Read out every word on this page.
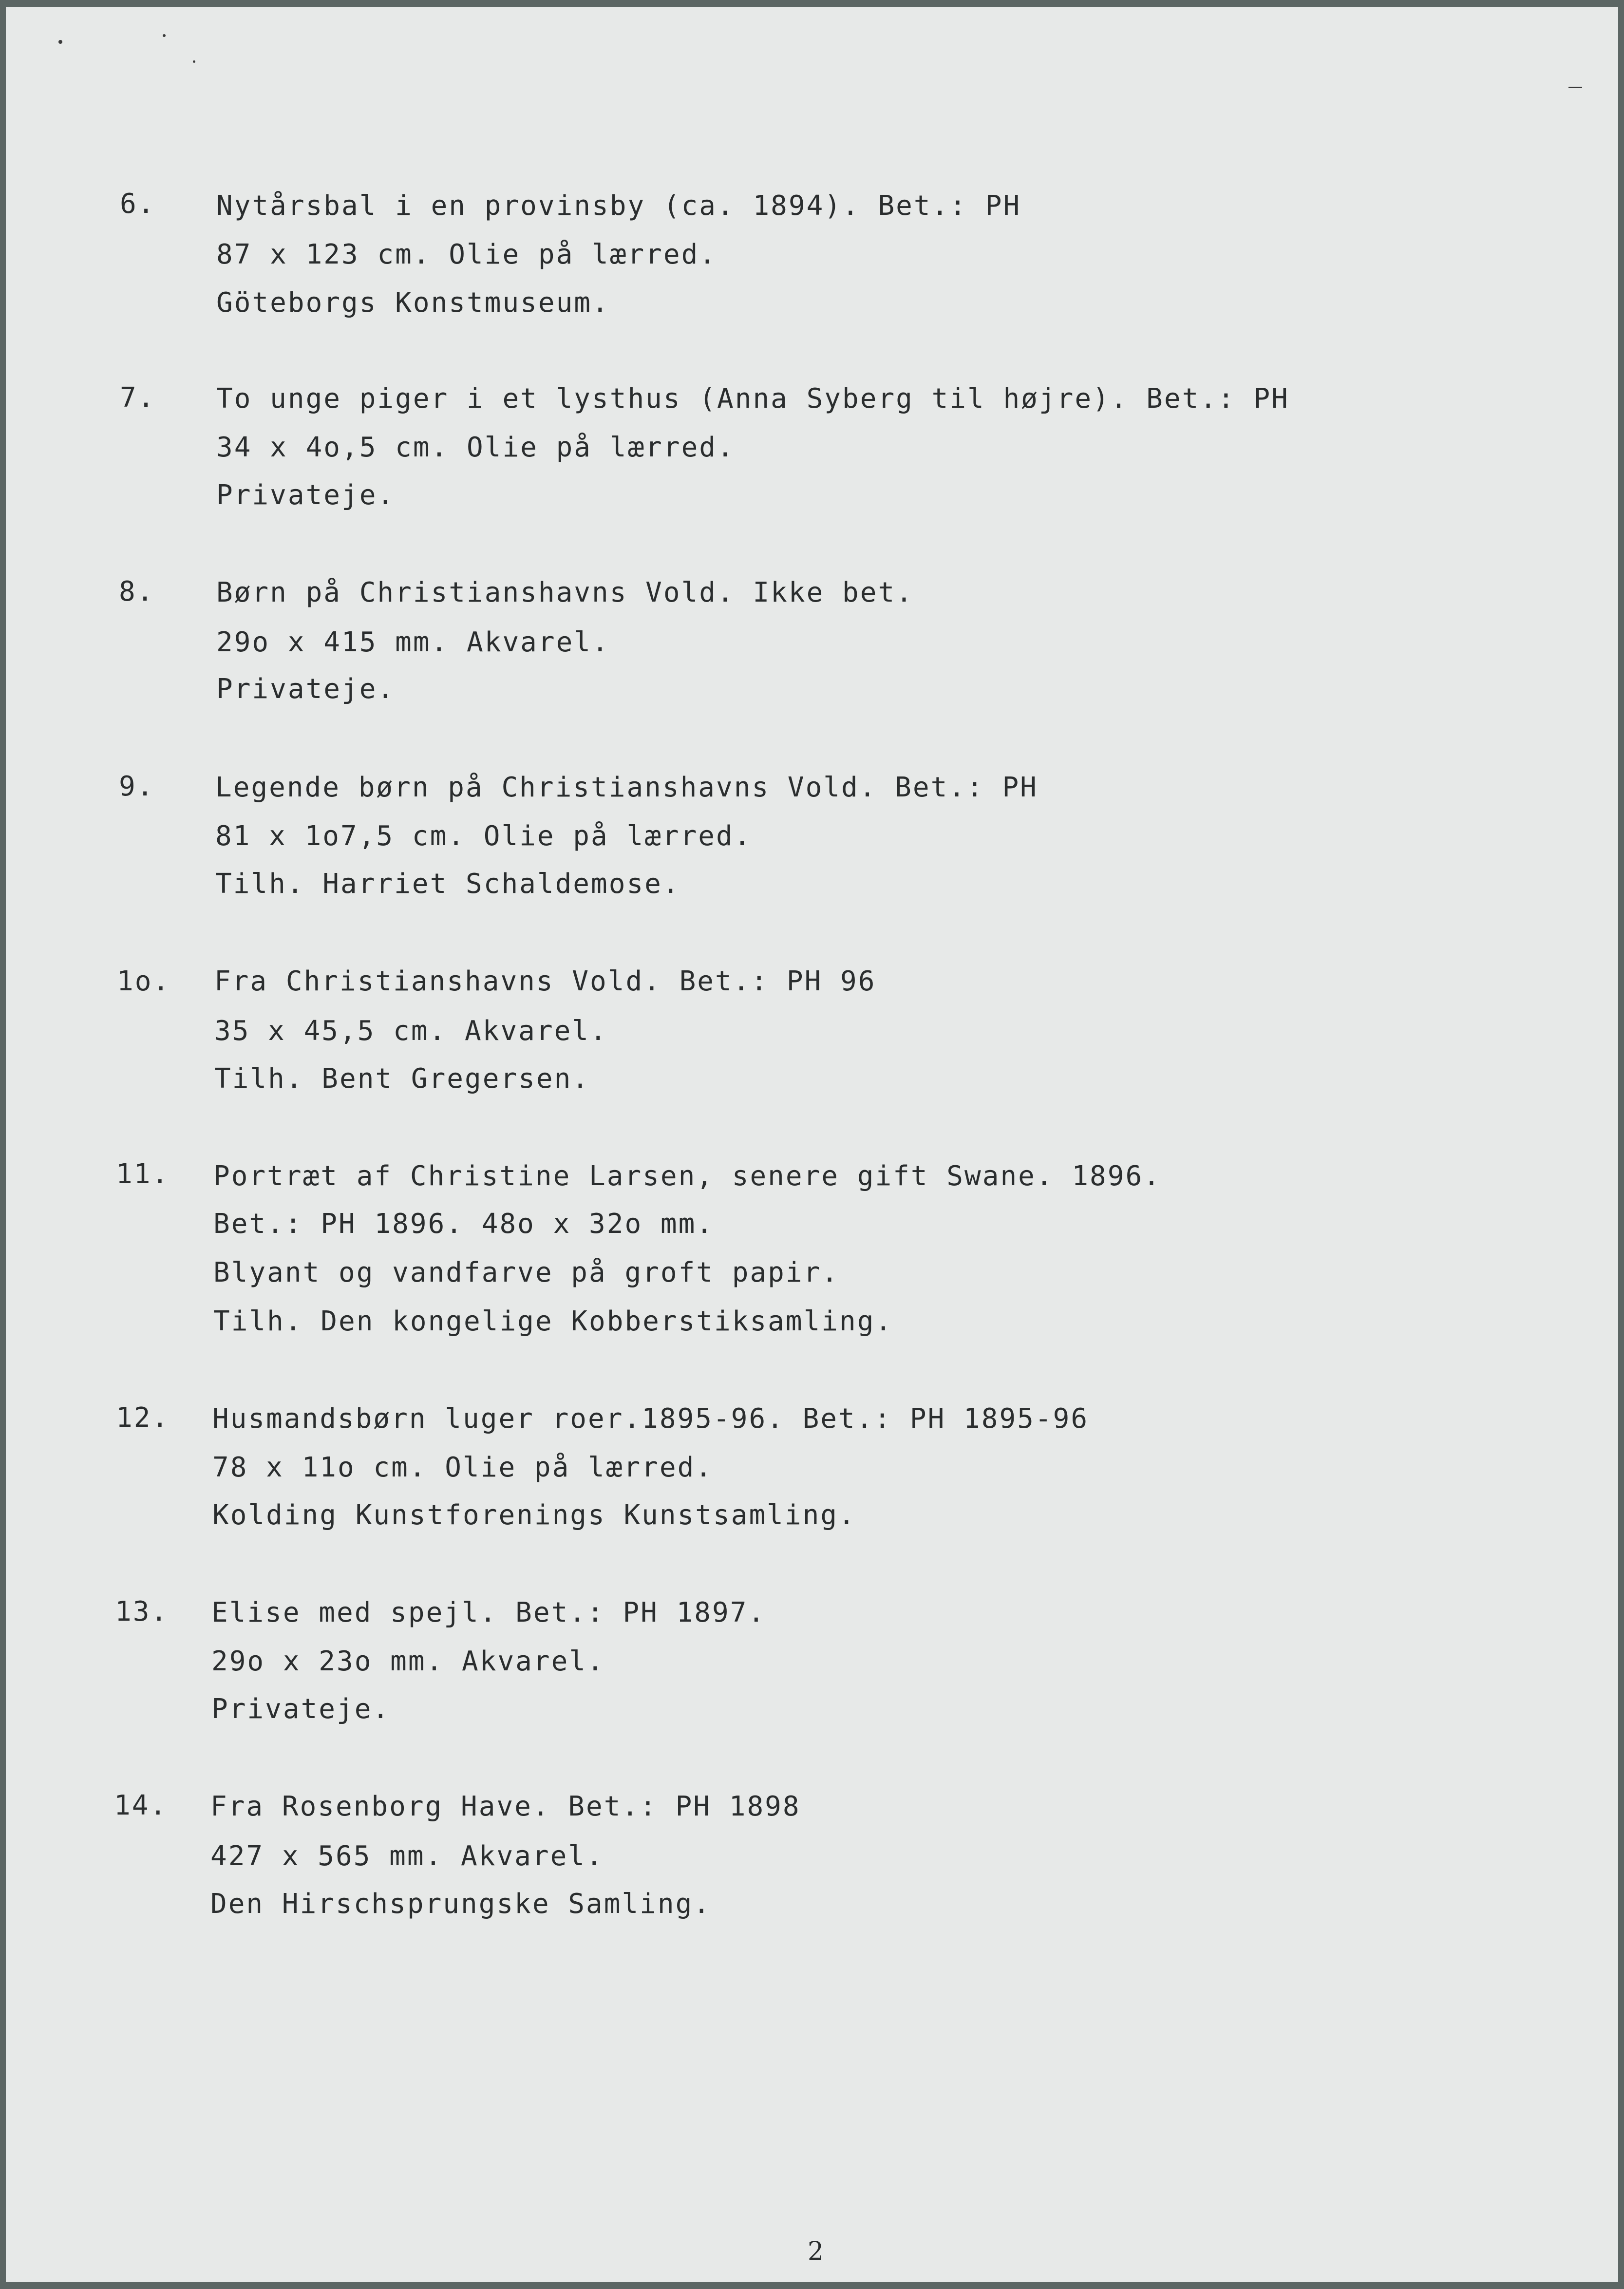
6. Nytårsbal i en provinsby (ca. 1894). Bet.: PH
87 x 123 cm. Olie på lærred.
Göteborgs Konstmuseum.
7. To unge piger i et lysthus (Anna Syberg til højre). Bet.: PH
34 x 4o,5 cm. Olie på lærred.
Privateje.
8. Børn på Christianshavns Vold. Ikke bet.
29o x 415 mm. Akvarel.
Privateje.
9. Legende børn på Christianshavns Vold. Bet.: PH
81 x 1o7,5 cm. Olie på lærred.
Tilh. Harriet Schaldemose.
1o. Fra Christianshavns Vold. Bet.: PH 96
35 x 45,5 cm. Akvarel.
Tilh. Bent Gregersen.
11. Portræt af Christine Larsen, senere gift Swane. 1896.
Bet.: PH 1896. 48o x 32o mm.
Blyant og vandfarve på groft papir.
Tilh. Den kongelige Kobberstiksamling.
12. Husmandsbørn luger roer.1895-96. Bet.: PH 1895-96
78 x 11o cm. Olie på lærred.
Kolding Kunstforenings Kunstsamling.
13. Elise med spejl. Bet.: PH 1897.
29o x 23o mm. Akvarel.
Privateje.
14. Fra Rosenborg Have. Bet.: PH 1898
427 x 565 mm. Akvarel.
Den Hirschsprungske Samling.
2
